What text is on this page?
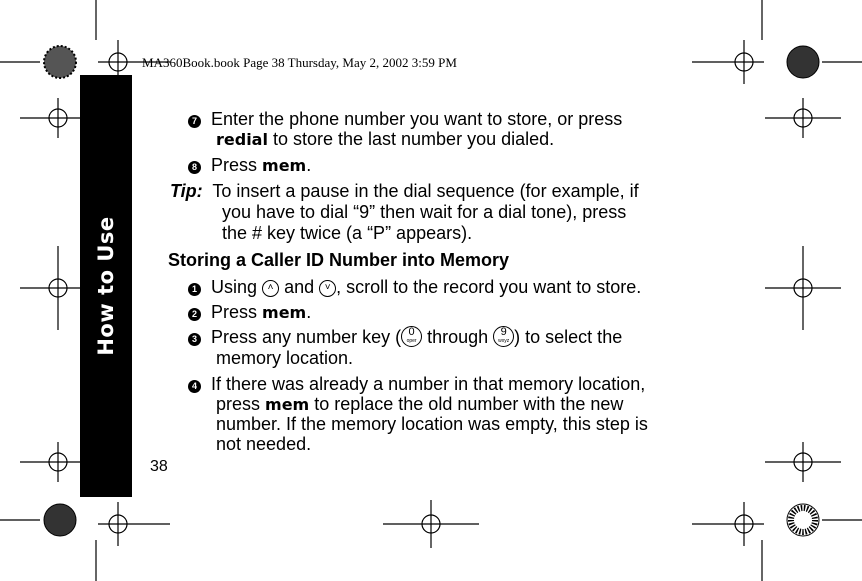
How to Use
MA360Book.book Page 38 Thursday, May 2, 2002 3:59 PM
7 Enter the phone number you want to store, or press
redial to store the last number you dialed.
8 Press mem.
Tip: To insert a pause in the dial sequence (for example, if
you have to dial “9” then wait for a dial tone), press
the # key twice (a “P” appears).
Storing a Caller ID Number into Memory
1 Using ˄ and ˅ , scroll to the record you want to store.
2 Press mem.
3 Press any number key ( 0
oper through 9
wxyz ) to select the
memory location.
4 If there was already a number in that memory location,
press mem to replace the old number with the new
number. If the memory location was empty, this step is
not needed.
38
